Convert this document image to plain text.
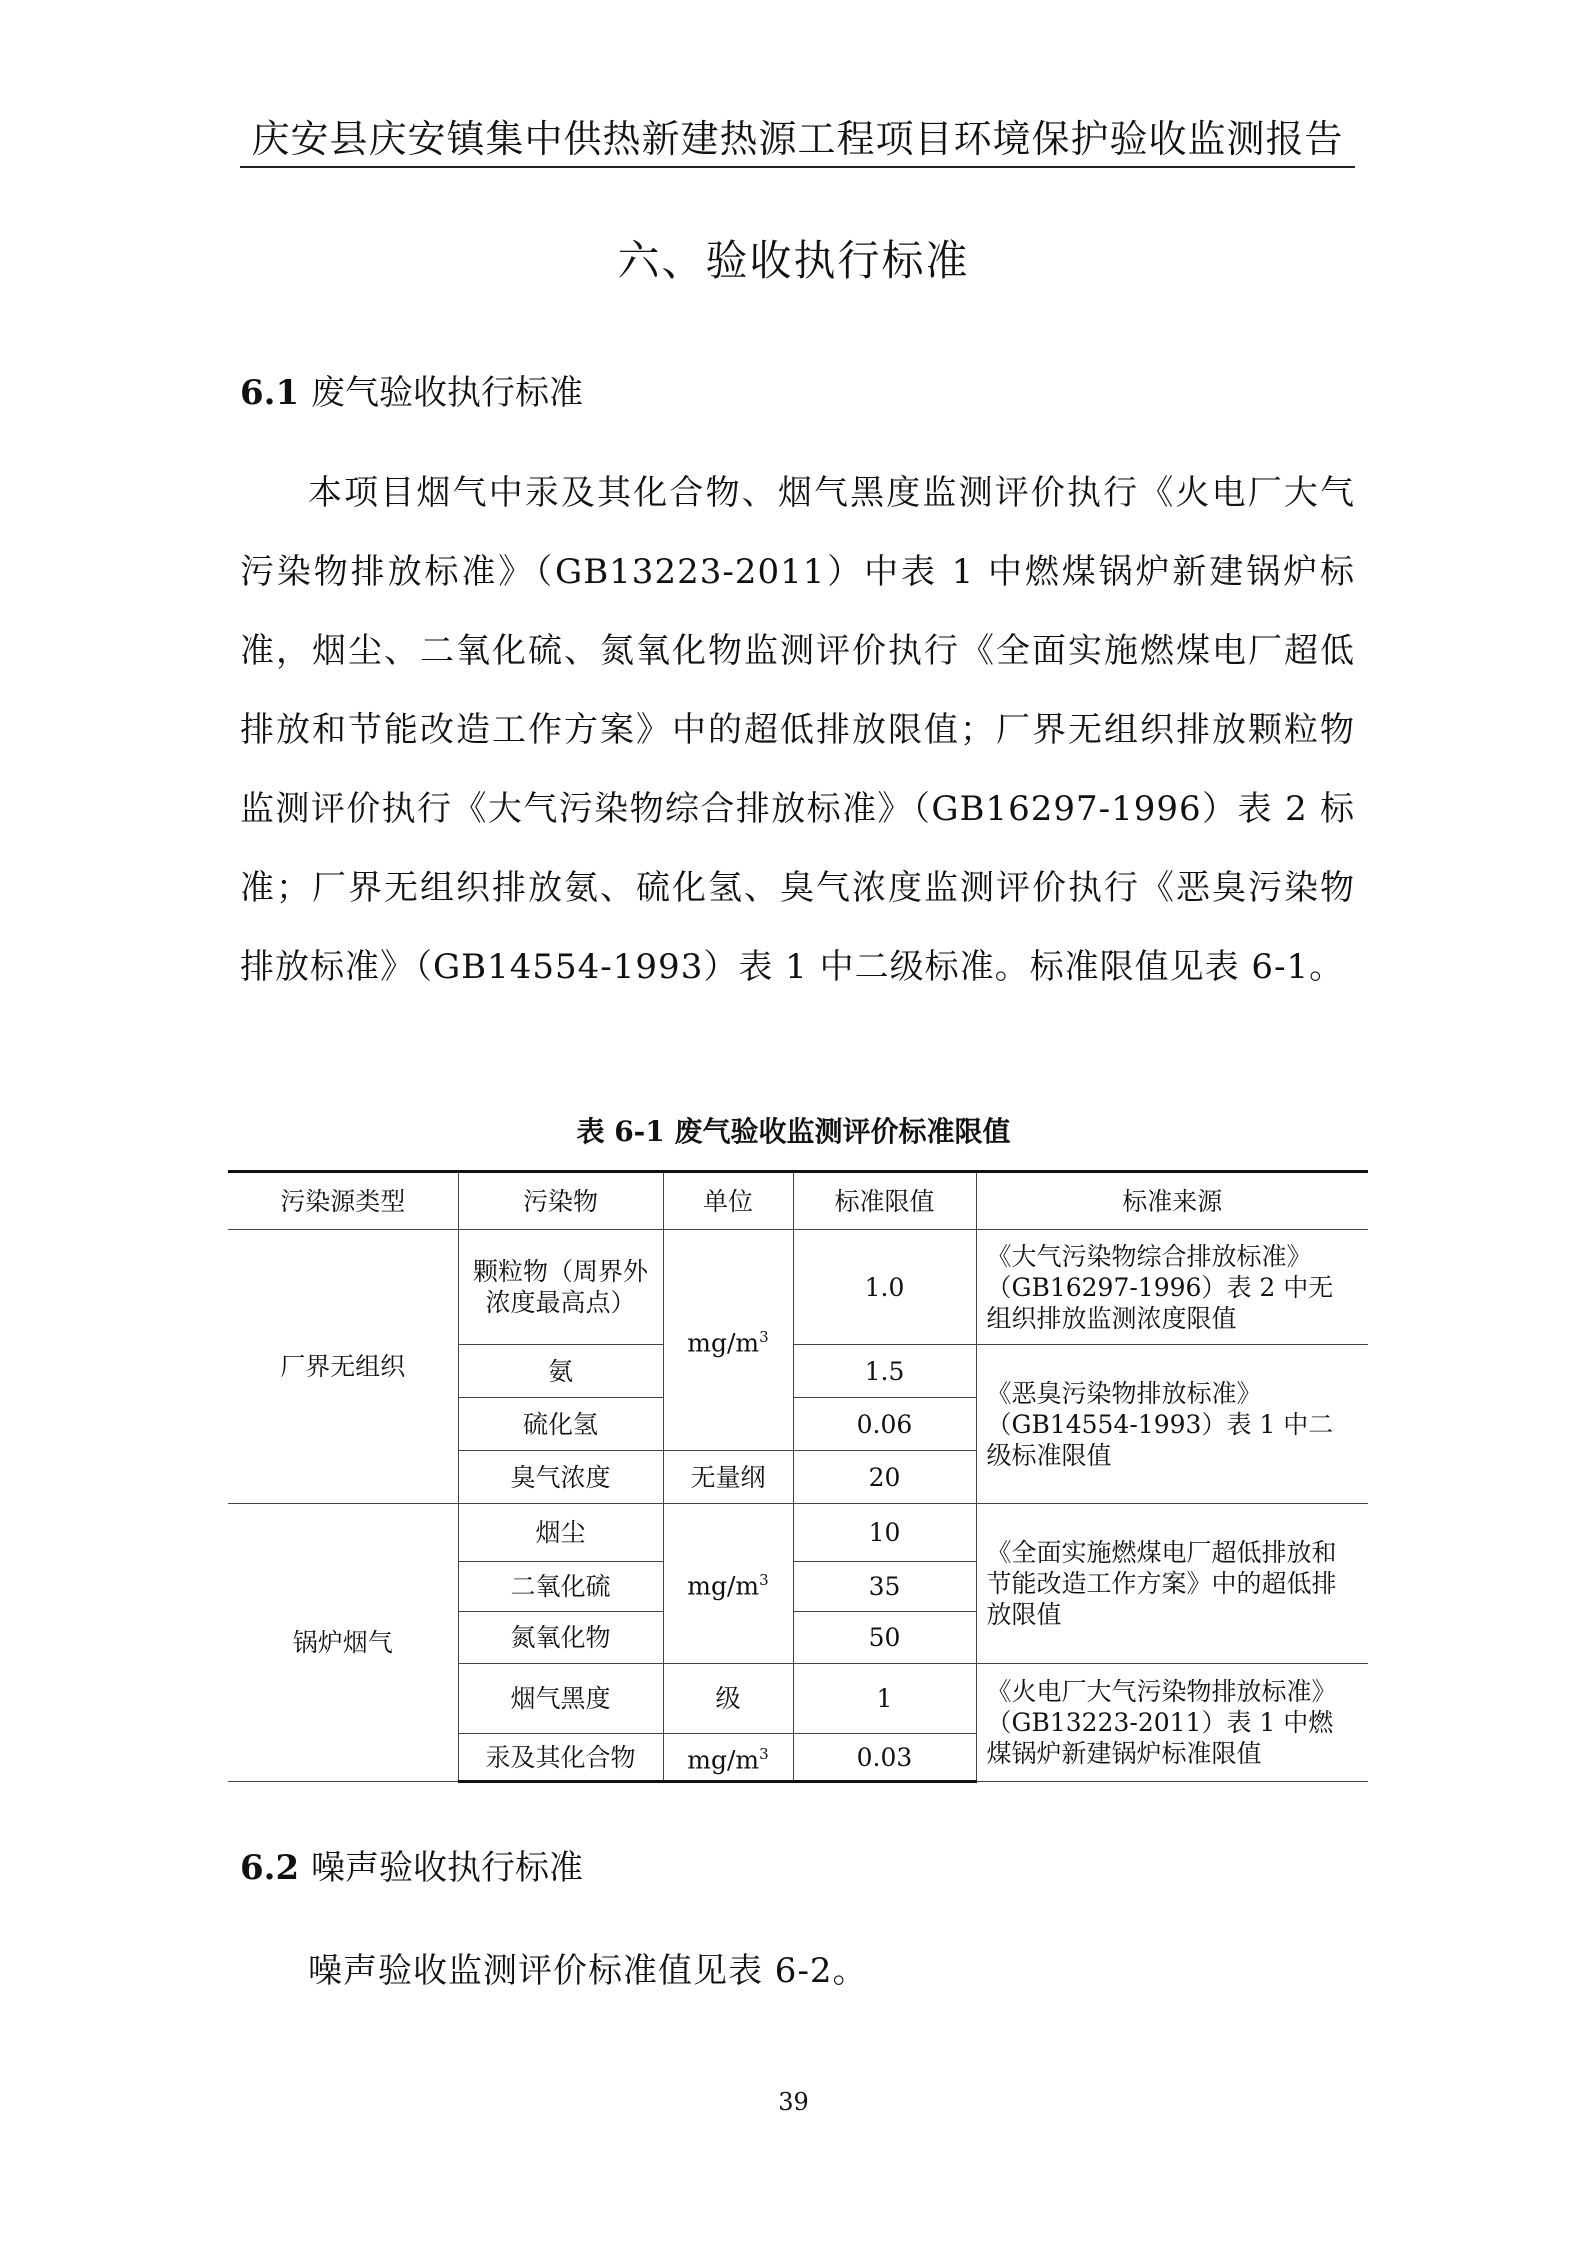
庆安县庆安镇集中供热新建热源工程项目环境保护验收监测报告
六、验收执行标准
6.1 废气验收执行标准

本项目烟气中汞及其化合物、烟气黑度监测评价执行《火电厂大气污染物排放标准》（GB13223-2011）中表 1 中燃煤锅炉新建锅炉标准，烟尘、二氧化硫、氮氧化物监测评价执行《全面实施燃煤电厂超低排放和节能改造工作方案》中的超低排放限值；厂界无组织排放颗粒物监测评价执行《大气污染物综合排放标准》（GB16297-1996）表 2 标准；厂界无组织排放氨、硫化氢、臭气浓度监测评价执行《恶臭污染物排放标准》（GB14554-1993）表 1 中二级标准。标准限值见表 6-1。

表 6-1 废气验收监测评价标准限值
污染源类型	污染物	单位	标准限值	标准来源
厂界无组织	颗粒物（周界外浓度最高点）	$mg/m^3$	1.0	《大气污染物综合排放标准》（GB16297-1996）表 2 中无组织排放监测浓度限值
	氨		1.5	《恶臭污染物排放标准》（GB14554-1993）表 1 中二级标准限值
	硫化氢		0.06	
	臭气浓度	无量纲	20	
锅炉烟气	烟尘	$mg/m^3$	10	《全面实施燃煤电厂超低排放和节能改造工作方案》中的超低排放限值
	二氧化硫		35	
	氮氧化物		50	
	烟气黑度	级	1	《火电厂大气污染物排放标准》（GB13223-2011）表 1 中燃煤锅炉新建锅炉标准限值
	汞及其化合物	$mg/m^3$	0.03	
6.2 噪声验收执行标准

噪声验收监测评价标准值见表 6-2。

39
